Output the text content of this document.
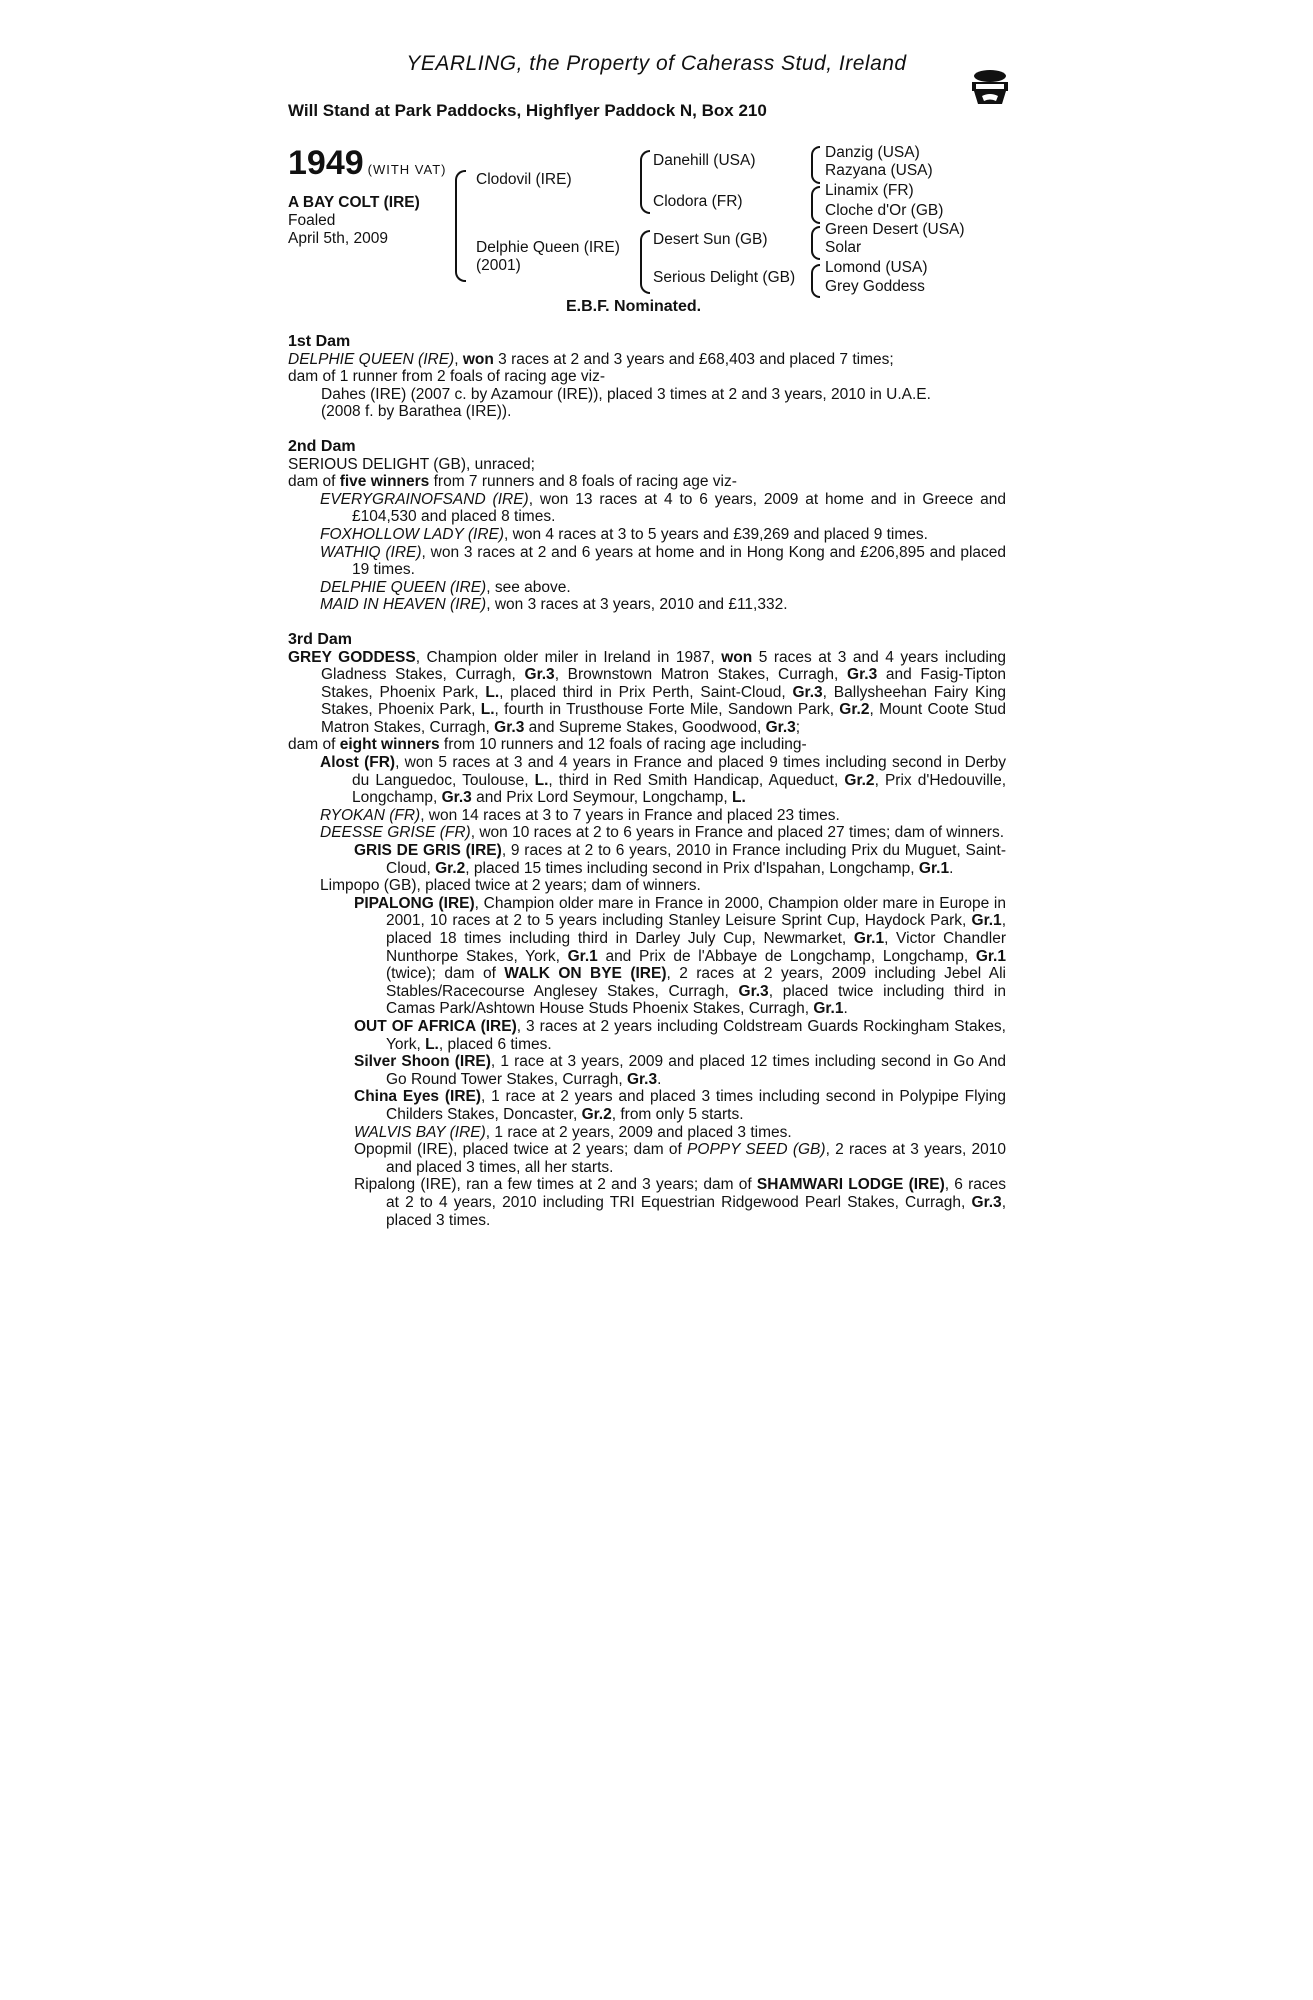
YEARLING, the Property of Caherass Stud, Ireland
Will Stand at Park Paddocks, Highflyer Paddock N, Box 210
1949 (WITH VAT)
A BAY COLT (IRE)
Foaled
April 5th, 2009
Clodovil (IRE)
Delphie Queen (IRE)
(2001)
Danehill (USA)
Clodora (FR)
Desert Sun (GB)
Serious Delight (GB)
Danzig (USA)
Razyana (USA)
Linamix (FR)
Cloche d'Or (GB)
Green Desert (USA)
Solar
Lomond (USA)
Grey Goddess
E.B.F. Nominated.
1st Dam

DELPHIE QUEEN (IRE), won 3 races at 2 and 3 years and £68,403 and placed 7 times;

dam of 1 runner from 2 foals of racing age viz-

Dahes (IRE) (2007 c. by Azamour (IRE)), placed 3 times at 2 and 3 years, 2010 in U.A.E.

(2008 f. by Barathea (IRE)).

2nd Dam

SERIOUS DELIGHT (GB), unraced;

dam of five winners from 7 runners and 8 foals of racing age viz-

EVERYGRAINOFSAND (IRE), won 13 races at 4 to 6 years, 2009 at home and in Greece and £104,530 and placed 8 times.

FOXHOLLOW LADY (IRE), won 4 races at 3 to 5 years and £39,269 and placed 9 times.

WATHIQ (IRE), won 3 races at 2 and 6 years at home and in Hong Kong and £206,895 and placed 19 times.

DELPHIE QUEEN (IRE), see above.

MAID IN HEAVEN (IRE), won 3 races at 3 years, 2010 and £11,332.

3rd Dam

GREY GODDESS, Champion older miler in Ireland in 1987, won 5 races at 3 and 4 years including Gladness Stakes, Curragh, Gr.3, Brownstown Matron Stakes, Curragh, Gr.3 and Fasig-Tipton Stakes, Phoenix Park, L., placed third in Prix Perth, Saint-Cloud, Gr.3, Ballysheehan Fairy King Stakes, Phoenix Park, L., fourth in Trusthouse Forte Mile, Sandown Park, Gr.2, Mount Coote Stud Matron Stakes, Curragh, Gr.3 and Supreme Stakes, Goodwood, Gr.3;

dam of eight winners from 10 runners and 12 foals of racing age including-

Alost (FR), won 5 races at 3 and 4 years in France and placed 9 times including second in Derby du Languedoc, Toulouse, L., third in Red Smith Handicap, Aqueduct, Gr.2, Prix d'Hedouville, Longchamp, Gr.3 and Prix Lord Seymour, Longchamp, L.

RYOKAN (FR), won 14 races at 3 to 7 years in France and placed 23 times.

DEESSE GRISE (FR), won 10 races at 2 to 6 years in France and placed 27 times; dam of winners.

GRIS DE GRIS (IRE), 9 races at 2 to 6 years, 2010 in France including Prix du Muguet, Saint-Cloud, Gr.2, placed 15 times including second in Prix d'Ispahan, Longchamp, Gr.1.

Limpopo (GB), placed twice at 2 years; dam of winners.

PIPALONG (IRE), Champion older mare in France in 2000, Champion older mare in Europe in 2001, 10 races at 2 to 5 years including Stanley Leisure Sprint Cup, Haydock Park, Gr.1, placed 18 times including third in Darley July Cup, Newmarket, Gr.1, Victor Chandler Nunthorpe Stakes, York, Gr.1 and Prix de l'Abbaye de Longchamp, Longchamp, Gr.1 (twice); dam of WALK ON BYE (IRE), 2 races at 2 years, 2009 including Jebel Ali Stables/Racecourse Anglesey Stakes, Curragh, Gr.3, placed twice including third in Camas Park/Ashtown House Studs Phoenix Stakes, Curragh, Gr.1.

OUT OF AFRICA (IRE), 3 races at 2 years including Coldstream Guards Rockingham Stakes, York, L., placed 6 times.

Silver Shoon (IRE), 1 race at 3 years, 2009 and placed 12 times including second in Go And Go Round Tower Stakes, Curragh, Gr.3.

China Eyes (IRE), 1 race at 2 years and placed 3 times including second in Polypipe Flying Childers Stakes, Doncaster, Gr.2, from only 5 starts.

WALVIS BAY (IRE), 1 race at 2 years, 2009 and placed 3 times.

Opopmil (IRE), placed twice at 2 years; dam of POPPY SEED (GB), 2 races at 3 years, 2010 and placed 3 times, all her starts.

Ripalong (IRE), ran a few times at 2 and 3 years; dam of SHAMWARI LODGE (IRE), 6 races at 2 to 4 years, 2010 including TRI Equestrian Ridgewood Pearl Stakes, Curragh, Gr.3, placed 3 times.
